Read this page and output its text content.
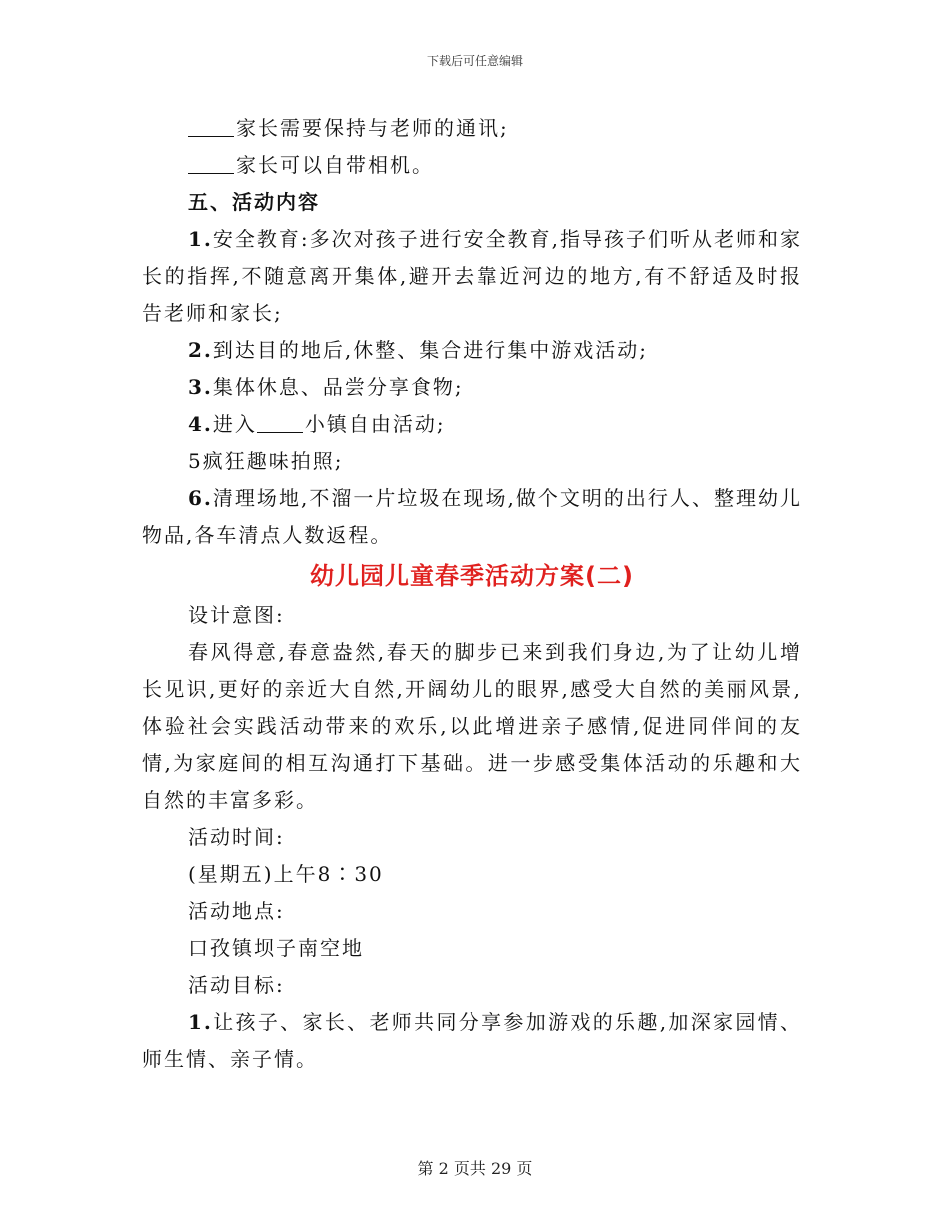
下载后可任意编辑

家长需要保持与老师的通讯;

家长可以自带相机。

五、活动内容

1.安全教育:多次对孩子进行安全教育,指导孩子们听从老师和家长的指挥,不随意离开集体,避开去靠近河边的地方,有不舒适及时报告老师和家长;

2.到达目的地后,休整、集合进行集中游戏活动;

3.集体休息、品尝分享食物;

4.进入 小镇自由活动;

5疯狂趣味拍照;

6.清理场地,不溜一片垃圾在现场,做个文明的出行人、整理幼儿物品,各车清点人数返程。

幼儿园儿童春季活动方案(二)

设计意图:

春风得意,春意盎然,春天的脚步已来到我们身边,为了让幼儿增长见识,更好的亲近大自然,开阔幼儿的眼界,感受大自然的美丽风景,体验社会实践活动带来的欢乐,以此增进亲子感情,促进同伴间的友情,为家庭间的相互沟通打下基础。进一步感受集体活动的乐趣和大自然的丰富多彩。

活动时间:

(星期五)上午8∶30

活动地点:

口孜镇坝子南空地

活动目标:

1.让孩子、家长、老师共同分享参加游戏的乐趣,加深家园情、师生情、亲子情。

第 2 页共 29 页
